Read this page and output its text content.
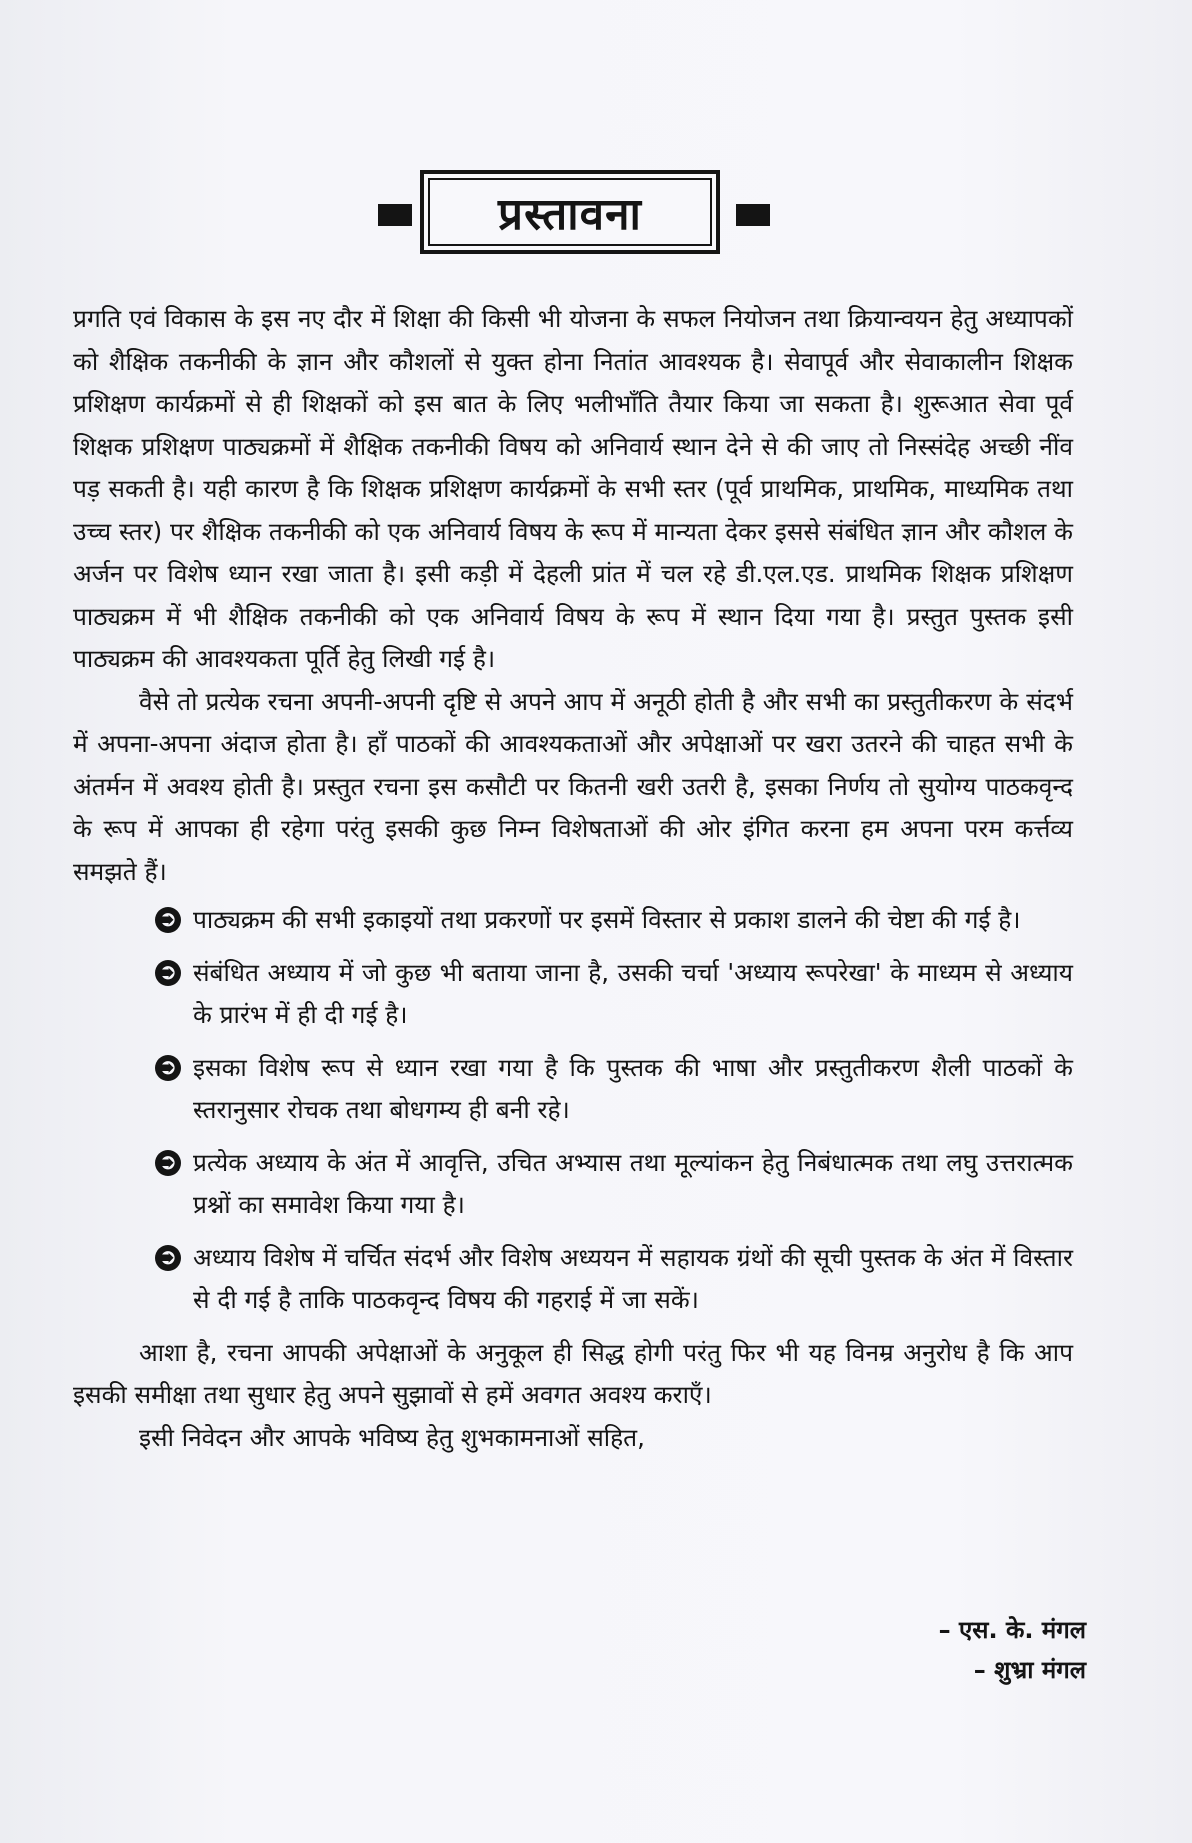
प्रस्तावना

प्रगति एवं विकास के इस नए दौर में शिक्षा की किसी भी योजना के सफल नियोजन तथा क्रियान्वयन हेतु अध्यापकों को शैक्षिक तकनीकी के ज्ञान और कौशलों से युक्त होना नितांत आवश्यक है। सेवापूर्व और सेवाकालीन शिक्षक प्रशिक्षण कार्यक्रमों से ही शिक्षकों को इस बात के लिए भलीभाँति तैयार किया जा सकता है। शुरूआत सेवा पूर्व शिक्षक प्रशिक्षण पाठ्यक्रमों में शैक्षिक तकनीकी विषय को अनिवार्य स्थान देने से की जाए तो निस्संदेह अच्छी नींव पड़ सकती है। यही कारण है कि शिक्षक प्रशिक्षण कार्यक्रमों के सभी स्तर (पूर्व प्राथमिक, प्राथमिक, माध्यमिक तथा उच्च स्तर) पर शैक्षिक तकनीकी को एक अनिवार्य विषय के रूप में मान्यता देकर इससे संबंधित ज्ञान और कौशल के अर्जन पर विशेष ध्यान रखा जाता है। इसी कड़ी में देहली प्रांत में चल रहे डी.एल.एड. प्राथमिक शिक्षक प्रशिक्षण पाठ्यक्रम में भी शैक्षिक तकनीकी को एक अनिवार्य विषय के रूप में स्थान दिया गया है। प्रस्तुत पुस्तक इसी पाठ्यक्रम की आवश्यकता पूर्ति हेतु लिखी गई है।

वैसे तो प्रत्येक रचना अपनी-अपनी दृष्टि से अपने आप में अनूठी होती है और सभी का प्रस्तुतीकरण के संदर्भ में अपना-अपना अंदाज होता है। हाँ पाठकों की आवश्यकताओं और अपेक्षाओं पर खरा उतरने की चाहत सभी के अंतर्मन में अवश्य होती है। प्रस्तुत रचना इस कसौटी पर कितनी खरी उतरी है, इसका निर्णय तो सुयोग्य पाठकवृन्द के रूप में आपका ही रहेगा परंतु इसकी कुछ निम्न विशेषताओं की ओर इंगित करना हम अपना परम कर्त्तव्य समझते हैं।

➲ पाठ्यक्रम की सभी इकाइयों तथा प्रकरणों पर इसमें विस्तार से प्रकाश डालने की चेष्टा की गई है।
➲ संबंधित अध्याय में जो कुछ भी बताया जाना है, उसकी चर्चा 'अध्याय रूपरेखा' के माध्यम से अध्याय के प्रारंभ में ही दी गई है।
➲ इसका विशेष रूप से ध्यान रखा गया है कि पुस्तक की भाषा और प्रस्तुतीकरण शैली पाठकों के स्तरानुसार रोचक तथा बोधगम्य ही बनी रहे।
➲ प्रत्येक अध्याय के अंत में आवृत्ति, उचित अभ्यास तथा मूल्यांकन हेतु निबंधात्मक तथा लघु उत्तरात्मक प्रश्नों का समावेश किया गया है।
➲ अध्याय विशेष में चर्चित संदर्भ और विशेष अध्ययन में सहायक ग्रंथों की सूची पुस्तक के अंत में विस्तार से दी गई है ताकि पाठकवृन्द विषय की गहराई में जा सकें।

आशा है, रचना आपकी अपेक्षाओं के अनुकूल ही सिद्ध होगी परंतु फिर भी यह विनम्र अनुरोध है कि आप इसकी समीक्षा तथा सुधार हेतु अपने सुझावों से हमें अवगत अवश्य कराएँ।

इसी निवेदन और आपके भविष्य हेतु शुभकामनाओं सहित,

– एस. के. मंगल
– शुभ्रा मंगल
